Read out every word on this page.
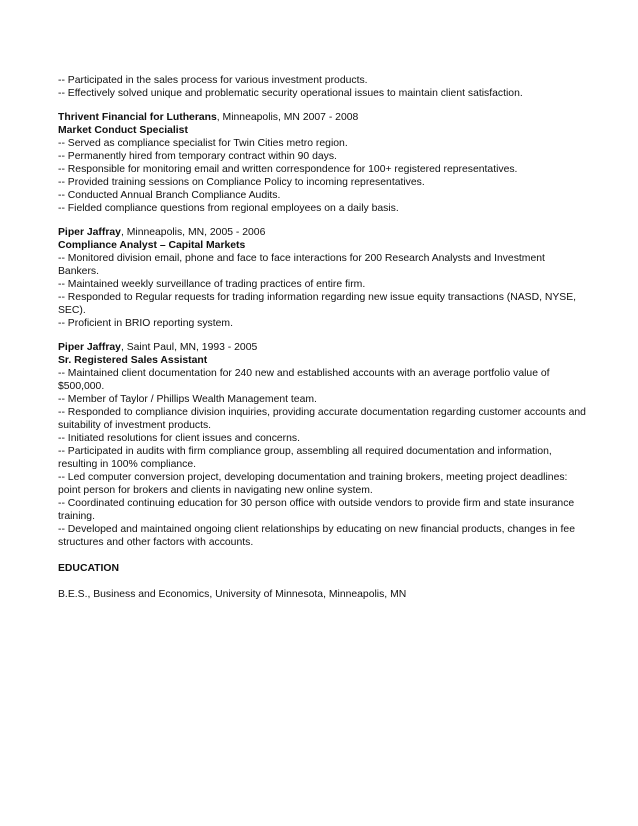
-- Participated in the sales process for various investment products.

-- Effectively solved unique and problematic security operational issues to maintain client satisfaction.

Thrivent Financial for Lutherans, Minneapolis, MN 2007 - 2008

Market Conduct Specialist

-- Served as compliance specialist for Twin Cities metro region.

-- Permanently hired from temporary contract within 90 days.

-- Responsible for monitoring email and written correspondence for 100+ registered representatives.

-- Provided training sessions on Compliance Policy to incoming representatives.

-- Conducted Annual Branch Compliance Audits.

-- Fielded compliance questions from regional employees on a daily basis.

Piper Jaffray, Minneapolis, MN, 2005 - 2006

Compliance Analyst – Capital Markets

-- Monitored division email, phone and face to face interactions for 200 Research Analysts and Investment Bankers.

-- Maintained weekly surveillance of trading practices of entire firm.

-- Responded to Regular requests for trading information regarding new issue equity transactions (NASD, NYSE, SEC).

-- Proficient in BRIO reporting system.

Piper Jaffray, Saint Paul, MN, 1993 - 2005

Sr. Registered Sales Assistant

-- Maintained client documentation for 240 new and established accounts with an average portfolio value of $500,000.

-- Member of Taylor / Phillips Wealth Management team.

-- Responded to compliance division inquiries, providing accurate documentation regarding customer accounts and suitability of investment products.

-- Initiated resolutions for client issues and concerns.

-- Participated in audits with firm compliance group, assembling all required documentation and information, resulting in 100% compliance.

-- Led computer conversion project, developing documentation and training brokers, meeting project deadlines: point person for brokers and clients in navigating new online system.

-- Coordinated continuing education for 30 person office with outside vendors to provide firm and state insurance training.

-- Developed and maintained ongoing client relationships by educating on new financial products, changes in fee structures and other factors with accounts.

EDUCATION

B.E.S., Business and Economics, University of Minnesota, Minneapolis, MN
